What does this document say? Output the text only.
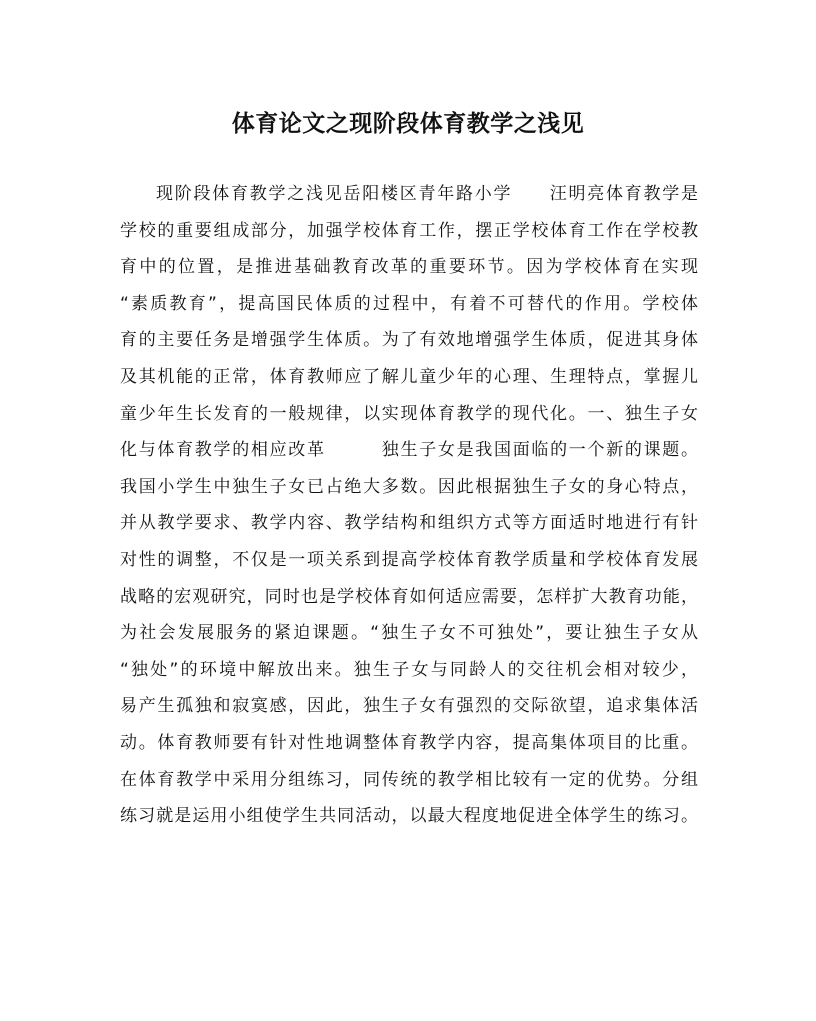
体育论文之现阶段体育教学之浅见
现阶段体育教学之浅见岳阳楼区青年路小学　　汪明亮体育教学是
学校的重要组成部分，加强学校体育工作，摆正学校体育工作在学校教
育中的位置，是推进基础教育改革的重要环节。因为学校体育在实现
“素质教育”，提高国民体质的过程中，有着不可替代的作用。学校体
育的主要任务是增强学生体质。为了有效地增强学生体质，促进其身体
及其机能的正常，体育教师应了解儿童少年的心理、生理特点，掌握儿
童少年生长发育的一般规律，以实现体育教学的现代化。一、独生子女
化与体育教学的相应改革　　　独生子女是我国面临的一个新的课题。
我国小学生中独生子女已占绝大多数。因此根据独生子女的身心特点，
并从教学要求、教学内容、教学结构和组织方式等方面适时地进行有针
对性的调整，不仅是一项关系到提高学校体育教学质量和学校体育发展
战略的宏观研究，同时也是学校体育如何适应需要，怎样扩大教育功能，
为社会发展服务的紧迫课题。“独生子女不可独处”，要让独生子女从
“独处”的环境中解放出来。独生子女与同龄人的交往机会相对较少，
易产生孤独和寂寞感，因此，独生子女有强烈的交际欲望，追求集体活
动。体育教师要有针对性地调整体育教学内容，提高集体项目的比重。
在体育教学中采用分组练习，同传统的教学相比较有一定的优势。分组
练习就是运用小组使学生共同活动，以最大程度地促进全体学生的练习。
